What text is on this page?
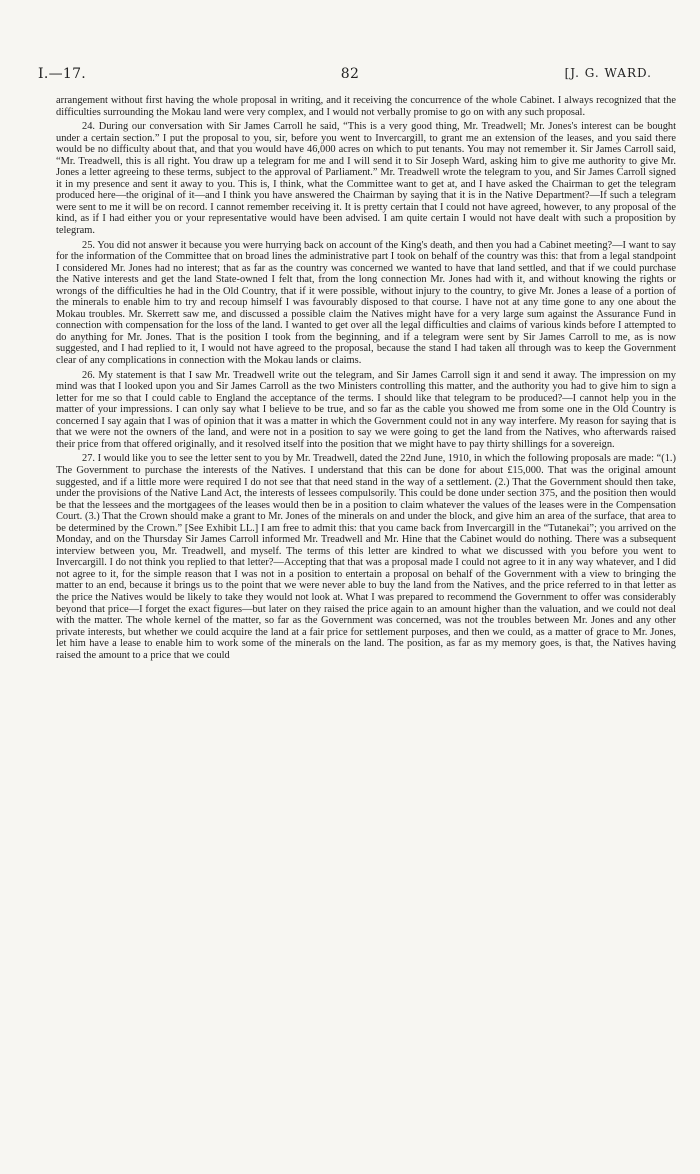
I.—17.	82	[J. G. WARD.

arrangement without first having the whole proposal in writing, and it receiving the concurrence of the whole Cabinet. I always recognized that the difficulties surrounding the Mokau land were very complex, and I would not verbally promise to go on with any such proposal.

24. During our conversation with Sir James Carroll he said, “This is a very good thing, Mr. Treadwell; Mr. Jones's interest can be bought under a certain section.” I put the proposal to you, sir, before you went to Invercargill, to grant me an extension of the leases, and you said there would be no difficulty about that, and that you would have 46,000 acres on which to put tenants. You may not remember it. Sir James Carroll said, “Mr. Treadwell, this is all right. You draw up a telegram for me and I will send it to Sir Joseph Ward, asking him to give me authority to give Mr. Jones a letter agreeing to these terms, subject to the approval of Parliament.” Mr. Treadwell wrote the telegram to you, and Sir James Carroll signed it in my presence and sent it away to you. This is, I think, what the Committee want to get at, and I have asked the Chairman to get the telegram produced here—the original of it—and I think you have answered the Chairman by saying that it is in the Native Department?—If such a telegram were sent to me it will be on record. I cannot remember receiving it. It is pretty certain that I could not have agreed, however, to any proposal of the kind, as if I had either you or your representative would have been advised. I am quite certain I would not have dealt with such a proposition by telegram.

25. You did not answer it because you were hurrying back on account of the King's death, and then you had a Cabinet meeting?—I want to say for the information of the Committee that on broad lines the administrative part I took on behalf of the country was this: that from a legal standpoint I considered Mr. Jones had no interest; that as far as the country was concerned we wanted to have that land settled, and that if we could purchase the Native interests and get the land State-owned I felt that, from the long connection Mr. Jones had with it, and without knowing the rights or wrongs of the difficulties he had in the Old Country, that if it were possible, without injury to the country, to give Mr. Jones a lease of a portion of the minerals to enable him to try and recoup himself I was favourably disposed to that course. I have not at any time gone to any one about the Mokau troubles. Mr. Skerrett saw me, and discussed a possible claim the Natives might have for a very large sum against the Assurance Fund in connection with compensation for the loss of the land. I wanted to get over all the legal difficulties and claims of various kinds before I attempted to do anything for Mr. Jones. That is the position I took from the beginning, and if a telegram were sent by Sir James Carroll to me, as is now suggested, and I had replied to it, I would not have agreed to the proposal, because the stand I had taken all through was to keep the Government clear of any complications in connection with the Mokau lands or claims.

26. My statement is that I saw Mr. Treadwell write out the telegram, and Sir James Carroll sign it and send it away. The impression on my mind was that I looked upon you and Sir James Carroll as the two Ministers controlling this matter, and the authority you had to give him to sign a letter for me so that I could cable to England the acceptance of the terms. I should like that telegram to be produced?—I cannot help you in the matter of your impressions. I can only say what I believe to be true, and so far as the cable you showed me from some one in the Old Country is concerned I say again that I was of opinion that it was a matter in which the Government could not in any way interfere. My reason for saying that is that we were not the owners of the land, and were not in a position to say we were going to get the land from the Natives, who afterwards raised their price from that offered originally, and it resolved itself into the position that we might have to pay thirty shillings for a sovereign.

27. I would like you to see the letter sent to you by Mr. Treadwell, dated the 22nd June, 1910, in which the following proposals are made: “(1.) The Government to purchase the interests of the Natives. I understand that this can be done for about £15,000. That was the original amount suggested, and if a little more were required I do not see that that need stand in the way of a settlement. (2.) That the Government should then take, under the provisions of the Native Land Act, the interests of lessees compulsorily. This could be done under section 375, and the position then would be that the lessees and the mortgagees of the leases would then be in a position to claim whatever the values of the leases were in the Compensation Court. (3.) That the Crown should make a grant to Mr. Jones of the minerals on and under the block, and give him an area of the surface, that area to be determined by the Crown.” [See Exhibit LL.] I am free to admit this: that you came back from Invercargill in the “Tutanekai”; you arrived on the Monday, and on the Thursday Sir James Carroll informed Mr. Treadwell and Mr. Hine that the Cabinet would do nothing. There was a subsequent interview between you, Mr. Treadwell, and myself. The terms of this letter are kindred to what we discussed with you before you went to Invercargill. I do not think you replied to that letter?—Accepting that that was a proposal made I could not agree to it in any way whatever, and I did not agree to it, for the simple reason that I was not in a position to entertain a proposal on behalf of the Government with a view to bringing the matter to an end, because it brings us to the point that we were never able to buy the land from the Natives, and the price referred to in that letter as the price the Natives would be likely to take they would not look at. What I was prepared to recommend the Government to offer was considerably beyond that price—I forget the exact figures—but later on they raised the price again to an amount higher than the valuation, and we could not deal with the matter. The whole kernel of the matter, so far as the Government was concerned, was not the troubles between Mr. Jones and any other private interests, but whether we could acquire the land at a fair price for settlement purposes, and then we could, as a matter of grace to Mr. Jones, let him have a lease to enable him to work some of the minerals on the land. The position, as far as my memory goes, is that, the Natives having raised the amount to a price that we could
